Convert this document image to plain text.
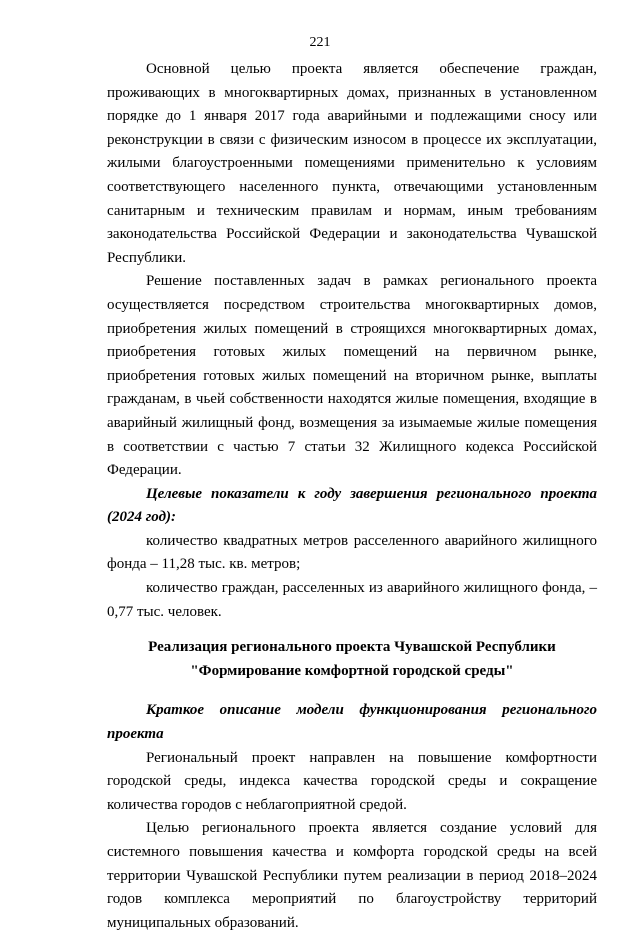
221

Основной целью проекта является обеспечение граждан, проживающих в многоквартирных домах, признанных в установленном порядке до 1 января 2017 года аварийными и подлежащими сносу или реконструкции в связи с физическим износом в процессе их эксплуатации, жилыми благоустроенными помещениями применительно к условиям соответствующего населенного пункта, отвечающими установленным санитарным и техническим правилам и нормам, иным требованиям законодательства Российской Федерации и законодательства Чувашской Республики.

Решение поставленных задач в рамках регионального проекта осуществляется посредством строительства многоквартирных домов, приобретения жилых помещений в строящихся многоквартирных домах, приобретения готовых жилых помещений на первичном рынке, приобретения готовых жилых помещений на вторичном рынке, выплаты гражданам, в чьей собственности находятся жилые помещения, входящие в аварийный жилищный фонд, возмещения за изымаемые жилые помещения в соответствии с частью 7 статьи 32 Жилищного кодекса Российской Федерации.

Целевые показатели к году завершения регионального проекта (2024 год):

количество квадратных метров расселенного аварийного жилищного фонда – 11,28 тыс. кв. метров;

количество граждан, расселенных из аварийного жилищного фонда, – 0,77 тыс. человек.

Реализация регионального проекта Чувашской Республики

"Формирование комфортной городской среды"

Краткое описание модели функционирования регионального проекта

Региональный проект направлен на повышение комфортности городской среды, индекса качества городской среды и сокращение количества городов с неблагоприятной средой.

Целью регионального проекта является создание условий для системного повышения качества и комфорта городской среды на всей территории Чувашской Республики путем реализации в период 2018–2024 годов комплекса мероприятий по благоустройству территорий муниципальных образований.
